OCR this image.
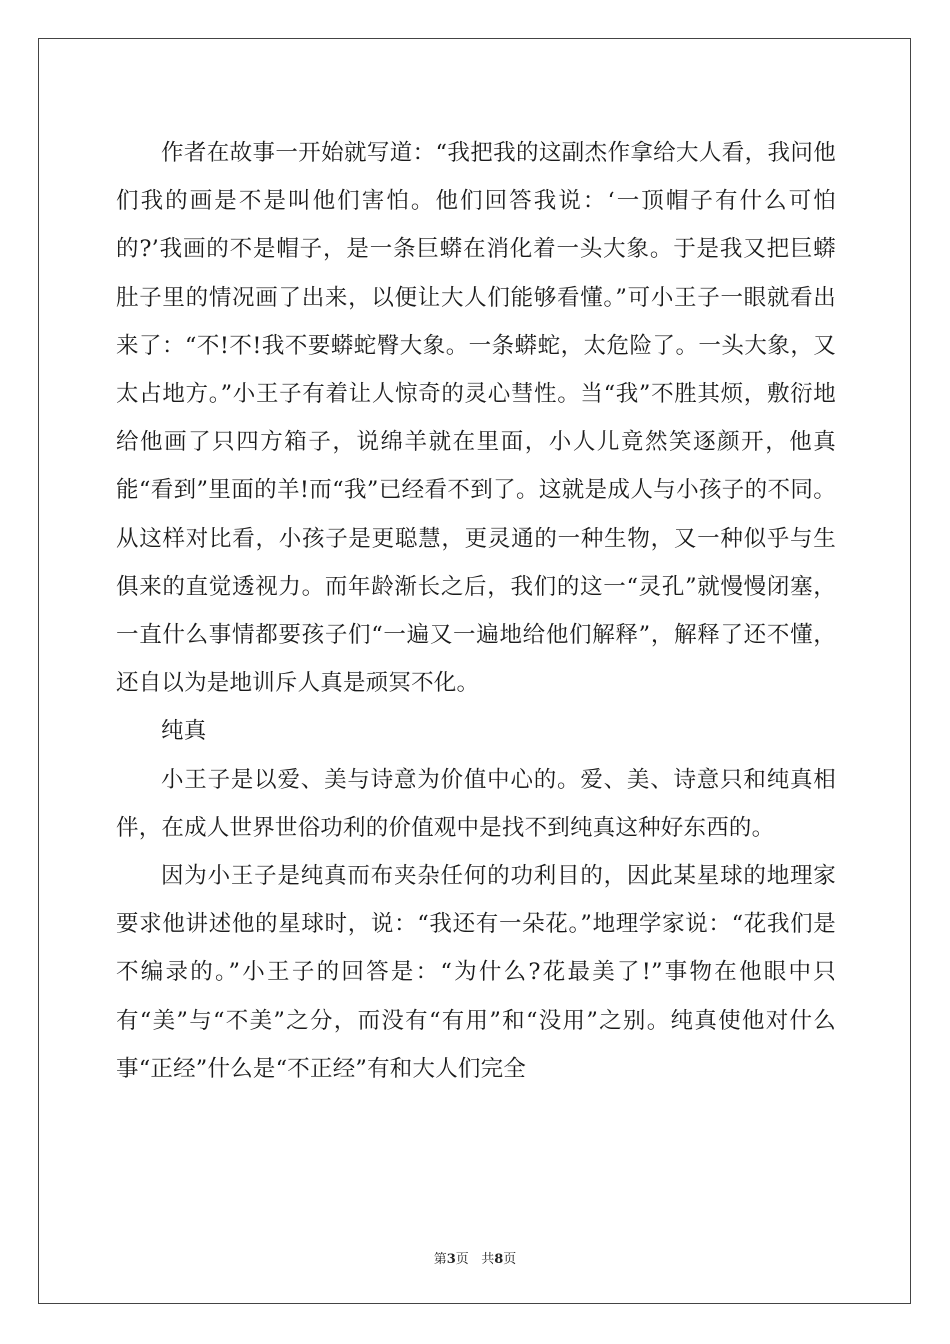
作者在故事一开始就写道：“我把我的这副杰作拿给大人看，我问他们我的画是不是叫他们害怕。他们回答我说：‘一顶帽子有什么可怕的?’我画的不是帽子，是一条巨蟒在消化着一头大象。于是我又把巨蟒肚子里的情况画了出来，以便让大人们能够看懂。”可小王子一眼就看出来了：“不!不!我不要蟒蛇臀大象。一条蟒蛇，太危险了。一头大象，又太占地方。”小王子有着让人惊奇的灵心彗性。当“我”不胜其烦，敷衍地给他画了只四方箱子，说绵羊就在里面，小人儿竟然笑逐颜开，他真能“看到”里面的羊!而“我”已经看不到了。这就是成人与小孩子的不同。从这样对比看，小孩子是更聪慧，更灵通的一种生物，又一种似乎与生俱来的直觉透视力。而年龄渐长之后，我们的这一“灵孔”就慢慢闭塞，一直什么事情都要孩子们“一遍又一遍地给他们解释”，解释了还不懂，还自以为是地训斥人真是顽冥不化。

纯真

小王子是以爱、美与诗意为价值中心的。爱、美、诗意只和纯真相伴，在成人世界世俗功利的价值观中是找不到纯真这种好东西的。

因为小王子是纯真而布夹杂任何的功利目的，因此某星球的地理家要求他讲述他的星球时，说：“我还有一朵花。”地理学家说：“花我们是不编录的。”小王子的回答是：“为什么?花最美了!”事物在他眼中只有“美”与“不美”之分，而没有“有用”和“没用”之别。纯真使他对什么事“正经”什么是“不正经”有和大人们完全

第3页 共8页
